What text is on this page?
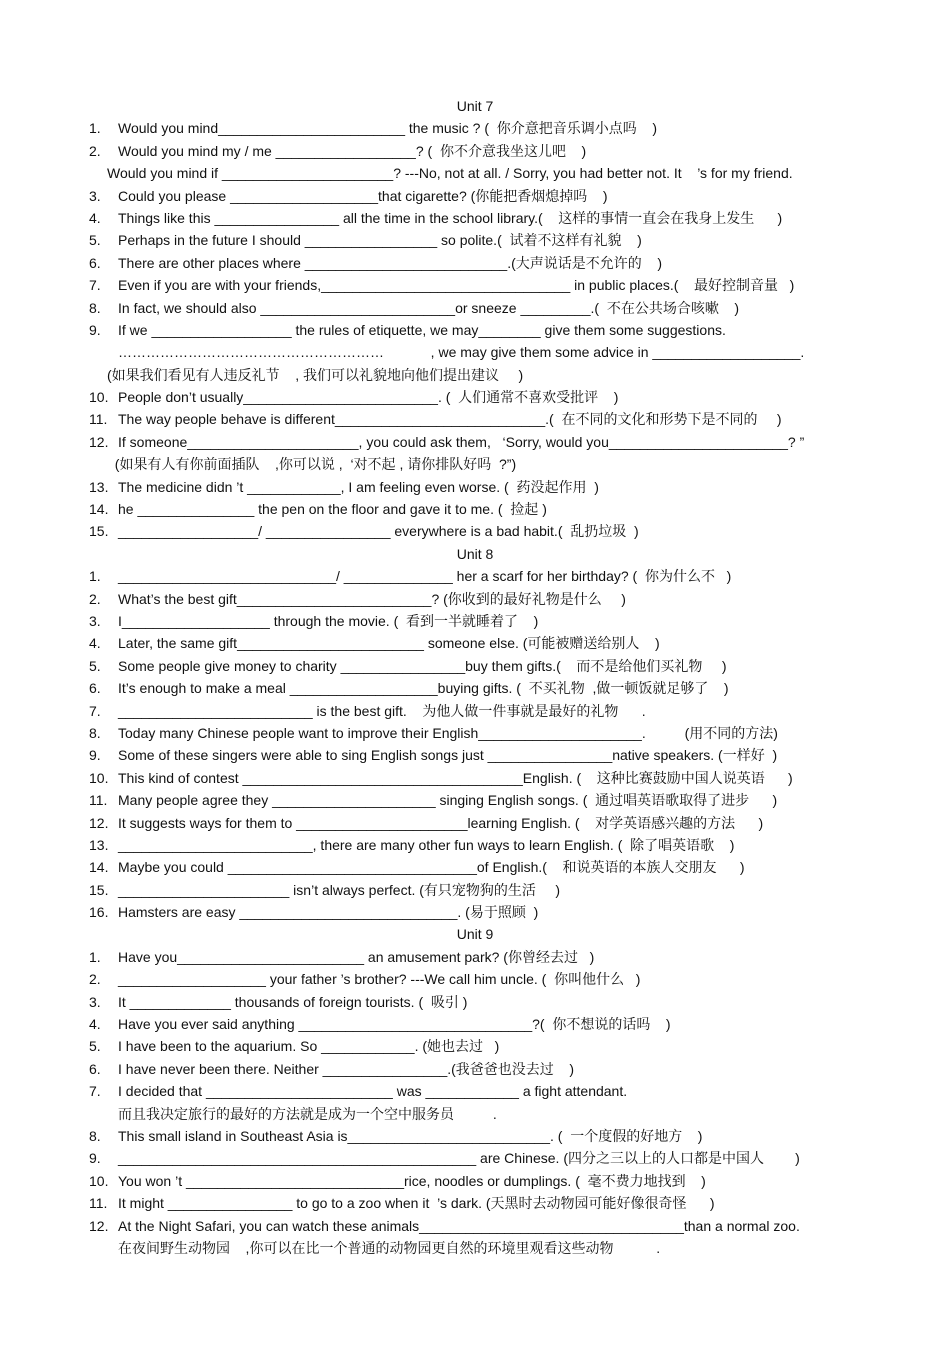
Unit 7
1. Would you mind________________________ the music ? (  你介意把音乐调小点吗    )
2. Would you mind my / me __________________? (  你不介意我坐这儿吧    )
Would you mind if ______________________? ---No, not at all. / Sorry, you had better not. It    ’s for my friend.
3. Could you please ___________________that cigarette? (你能把香烟熄掉吗    )
4. Things like this ________________ all the time in the school library.(    这样的事情一直会在我身上发生      )
5. Perhaps in the future I should _________________ so polite.(  试着不这样有礼貌    )
6. There are other places where __________________________.(大声说话是不允许的    )
7. Even if you are with your friends,________________________________ in public places.(    最好控制音量   )
8. In fact, we should also _________________________or sneeze _________.(  不在公共场合咳嗽    )
9. If we __________________ the rules of etiquette, we may________ give them some suggestions.
…………………………………………………            , we may give them some advice in ___________________.
(如果我们看见有人违反礼节    , 我们可以礼貌地向他们提出建议     )
10. People don’t usually_________________________. (  人们通常不喜欢受批评    )
11. The way people behave is different___________________________.(  在不同的文化和形势下是不同的     )
12. If someone______________________, you could ask them,   ‘Sorry, would you_______________________? ”
(如果有人有你前面插队    ,你可以说 ,  ‘对不起 , 请你排队好吗  ?”)
13. The medicine didn ’t ____________, I am feeling even worse. (  药没起作用  )
14. he _______________ the pen on the floor and gave it to me. (  捡起 )
15. __________________/ ________________ everywhere is a bad habit.(  乱扔垃圾  )
Unit 8
1. ____________________________/ ______________ her a scarf for her birthday? (  你为什么不   )
2. What’s the best gift_________________________? (你收到的最好礼物是什么     )
3. I___________________ through the movie. (  看到一半就睡着了    )
4. Later, the same gift________________________ someone else. (可能被赠送给别人    )
5. Some people give money to charity ________________buy them gifts.(    而不是给他们买礼物     )
6. It’s enough to make a meal ___________________buying gifts. (  不买礼物  ,做一顿饭就足够了    )
7. _________________________ is the best gift.    为他人做一件事就是最好的礼物      .
8. Today many Chinese people want to improve their English_____________________.          (用不同的方法)
9. Some of these singers were able to sing English songs just ________________native speakers. (一样好  )
10. This kind of contest ____________________________________English. (    这种比赛鼓励中国人说英语      )
11. Many people agree they _____________________ singing English songs. (  通过唱英语歌取得了进步      )
12. It suggests ways for them to ______________________learning English. (    对学英语感兴趣的方法      )
13. _________________________, there are many other fun ways to learn English. (  除了唱英语歌    )
14. Maybe you could ________________________________of English.(    和说英语的本族人交朋友      )
15. ______________________ isn’t always perfect. (有只宠物狗的生活     )
16. Hamsters are easy ____________________________. (易于照顾  )
Unit 9
1. Have you________________________ an amusement park? (你曾经去过   )
2. ___________________ your father ’s brother? ---We call him uncle. (  你叫他什么   )
3. It _____________ thousands of foreign tourists. (  吸引 )
4. Have you ever said anything ______________________________?(  你不想说的话吗    )
5. I have been to the aquarium. So ____________. (她也去过   )
6. I have never been there. Neither ________________.(我爸爸也没去过    )
7. I decided that ________________________ was ____________ a fight attendant.
而且我决定旅行的最好的方法就是成为一个空中服务员          .
8. This small island in Southeast Asia is__________________________. (  一个度假的好地方    )
9. ______________________________________________ are Chinese. (四分之三以上的人口都是中国人        )
10. You won ’t ____________________________rice, noodles or dumplings. (  毫不费力地找到    )
11. It might ________________ to go to a zoo when it  ’s dark. (天黑时去动物园可能好像很奇怪      )
12. At the Night Safari, you can watch these animals__________________________________than a normal zoo.
在夜间野生动物园    ,你可以在比一个普通的动物园更自然的环境里观看这些动物           .
